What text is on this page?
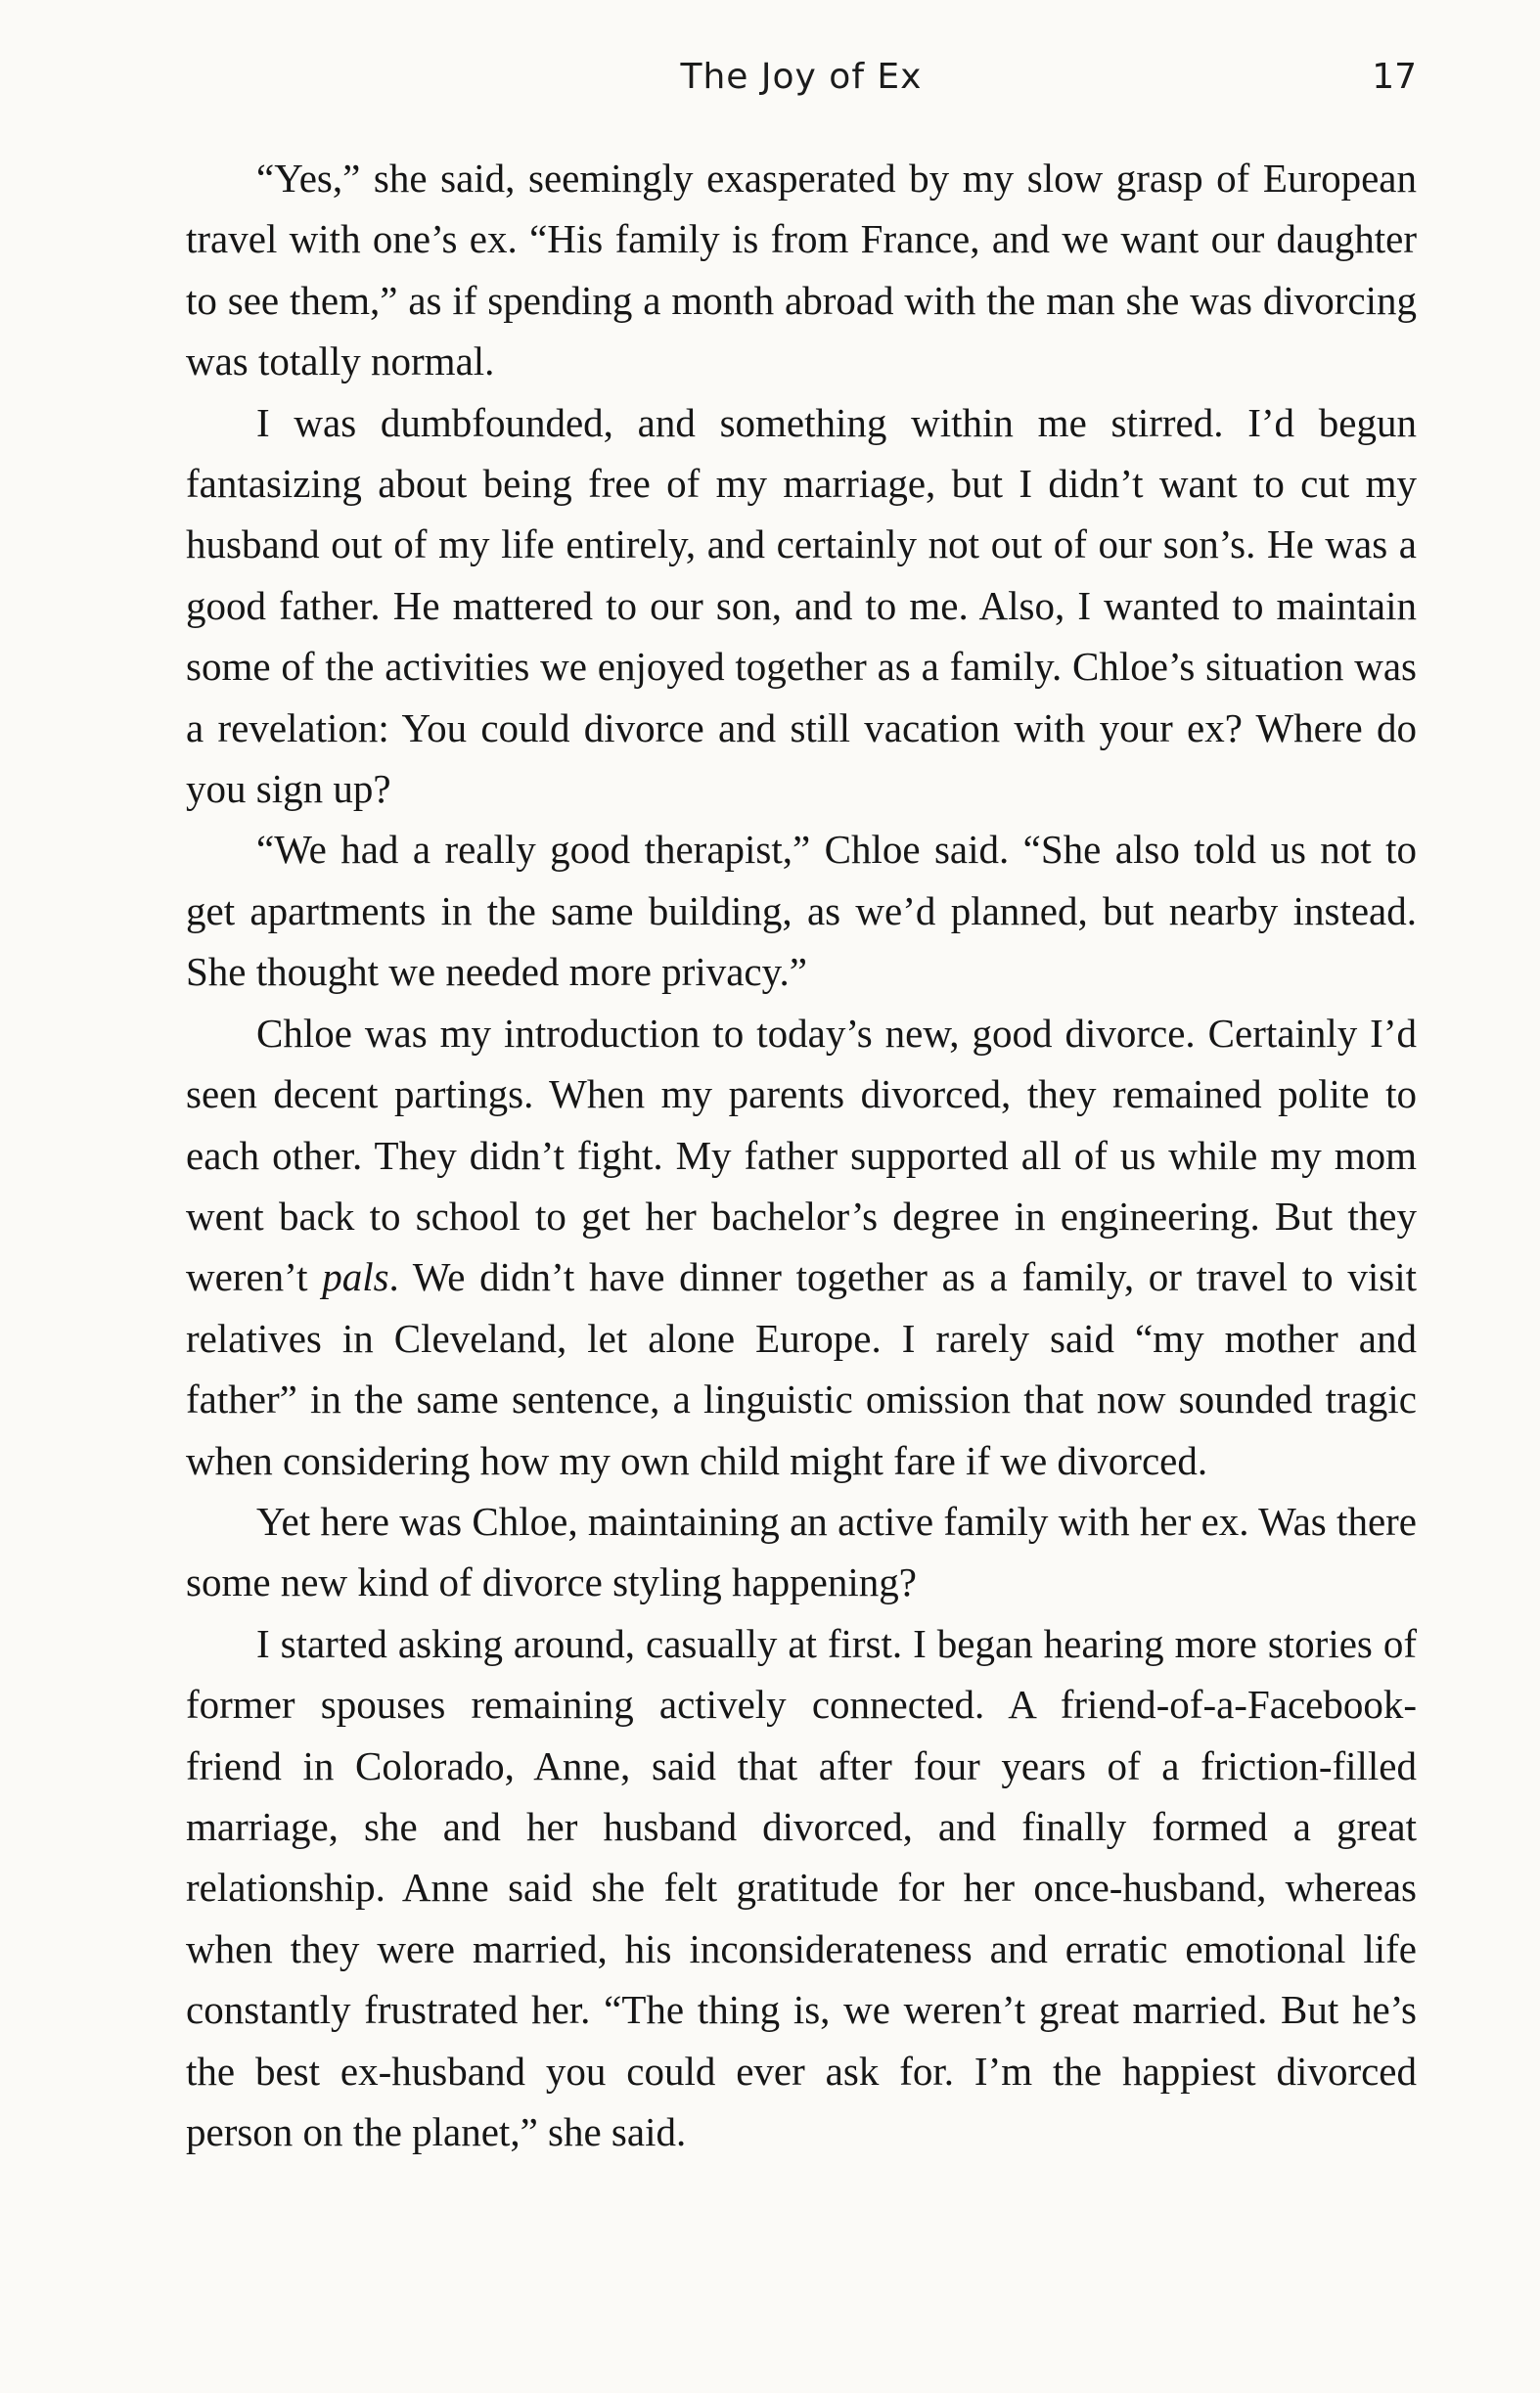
The Joy of Ex	17

“Yes,” she said, seemingly exasperated by my slow grasp of European travel with one’s ex. “His family is from France, and we want our daughter to see them,” as if spending a month abroad with the man she was divorcing was totally normal.

I was dumbfounded, and something within me stirred. I’d begun fantasizing about being free of my marriage, but I didn’t want to cut my husband out of my life entirely, and certainly not out of our son’s. He was a good father. He mattered to our son, and to me. Also, I wanted to maintain some of the activities we enjoyed together as a family. Chloe’s situation was a revelation: You could divorce and still vacation with your ex? Where do you sign up?

“We had a really good therapist,” Chloe said. “She also told us not to get apartments in the same building, as we’d planned, but nearby instead. She thought we needed more privacy.”

Chloe was my introduction to today’s new, good divorce. Certainly I’d seen decent partings. When my parents divorced, they remained polite to each other. They didn’t fight. My father supported all of us while my mom went back to school to get her bachelor’s degree in engineering. But they weren’t pals. We didn’t have dinner together as a family, or travel to visit relatives in Cleveland, let alone Europe. I rarely said “my mother and father” in the same sentence, a linguistic omission that now sounded tragic when considering how my own child might fare if we divorced.

Yet here was Chloe, maintaining an active family with her ex. Was there some new kind of divorce styling happening?

I started asking around, casually at first. I began hearing more stories of former spouses remaining actively connected. A friend-of-a-Facebook-friend in Colorado, Anne, said that after four years of a friction-filled marriage, she and her husband divorced, and finally formed a great relationship. Anne said she felt gratitude for her once-husband, whereas when they were married, his inconsiderateness and erratic emotional life constantly frustrated her. “The thing is, we weren’t great married. But he’s the best ex-husband you could ever ask for. I’m the happiest divorced person on the planet,” she said.
